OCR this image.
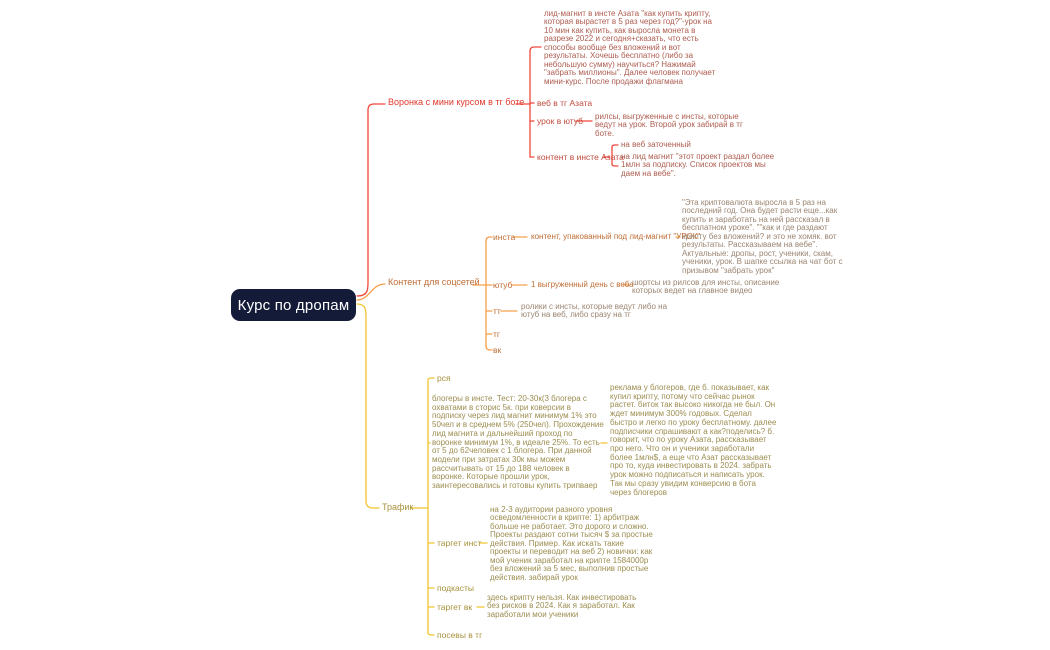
Курс по дропам
Воронка с мини курсом в тг боте
лид-магнит в инсте Азата "как купить крипту, которая вырастет в 5 раз через год?"-урок на 10 мин как купить, как выросла монета в разрезе 2022 и сегодня+сказать, что есть способы вообще без вложений и вот результаты. Хочешь бесплатно (либо за небольшую сумму) научиться? Нажимай "забрать миллионы". Далее человек получает мини-курс. После продажи флагмана
веб в тг Азата
урок в ютуб рилсы, выгруженные с инсты, которые ведут на урок. Второй урок забирай в тг боте.
контент в инсте Азата
на веб заточенный
на лид магнит "этот проект раздал более 1млн за подписку. Список проектов мы даем на вебе".
Контент для соцсетей
инста контент, упакованный под лид-магнит "УРОК"
"Эта криптовалюта выросла в 5 раз на последний год. Она будет расти еще...как купить и заработать на ней рассказал в бесплатном уроке". ""как и где раздают крипту без вложений? и это не хомяк. вот результаты. Рассказываем на вебе". Актуальные: дропы, рост, ученики, скам, ученики, урок. В шапке ссылка на чат бот с призывом "забрать урок"
ютуб 1 выгруженный день с веба
шортсы из рилсов для инсты, описание которых ведет на главное видео
тт	ролики с инсты, которые ведут либо на ютуб на веб, либо сразу на тг
тг
вк
Трафик
рся
блогеры в инсте. Тест: 20-30к(3 блогера с охватами в сторис 5к. при коверсии в подписку через лид магнит минимум 1% это 50чел и в среднем 5% (250чел). Прохождение лид магнита и дальнейший проход по воронке минимум 1%, в идеале 25%. То есть от 5 до 62человек с 1 блогера. При данной модели при затратах 30к мы можем рассчитывать от 15 до 188 человек в воронке. Которые прошли урок, заинтересовались и готовы купить трипваер
реклама у блогеров, где б. показывает, как купил крипту, потому что сейчас рынок растет. биток так высоко никогда не был. Он ждет минимум 300% годовых. Сделал быстро и легко по уроку бесплатному. далее подписчики спрашивают а как?поделись? б. говорит, что по уроку Азата, рассказывает про него. Что он и ученики заработали более 1млн$, а еще что Азат рассказывает про то, куда инвестировать в 2024. забрать урок можно подписаться и написать урок. Так мы сразу увидим конверсию в бота через блогеров
таргет инст
на 2-3 аудитории разного уровня осведомленности в крипте: 1) арбитраж больше не работает. Это дорого и сложно. Проекты раздают сотни тысяч $ за простые действия. Пример. Как искать такие проекты и переводит на веб 2) новички: как мой ученик заработал на крипте 1584000р без вложений за 5 мес, выполнив простые действия. забирай урок
подкасты
таргет вк
здесь крипту нельзя. Как инвестировать без рисков в 2024. Как я заработал. Как заработали мои ученики
посевы в тг
